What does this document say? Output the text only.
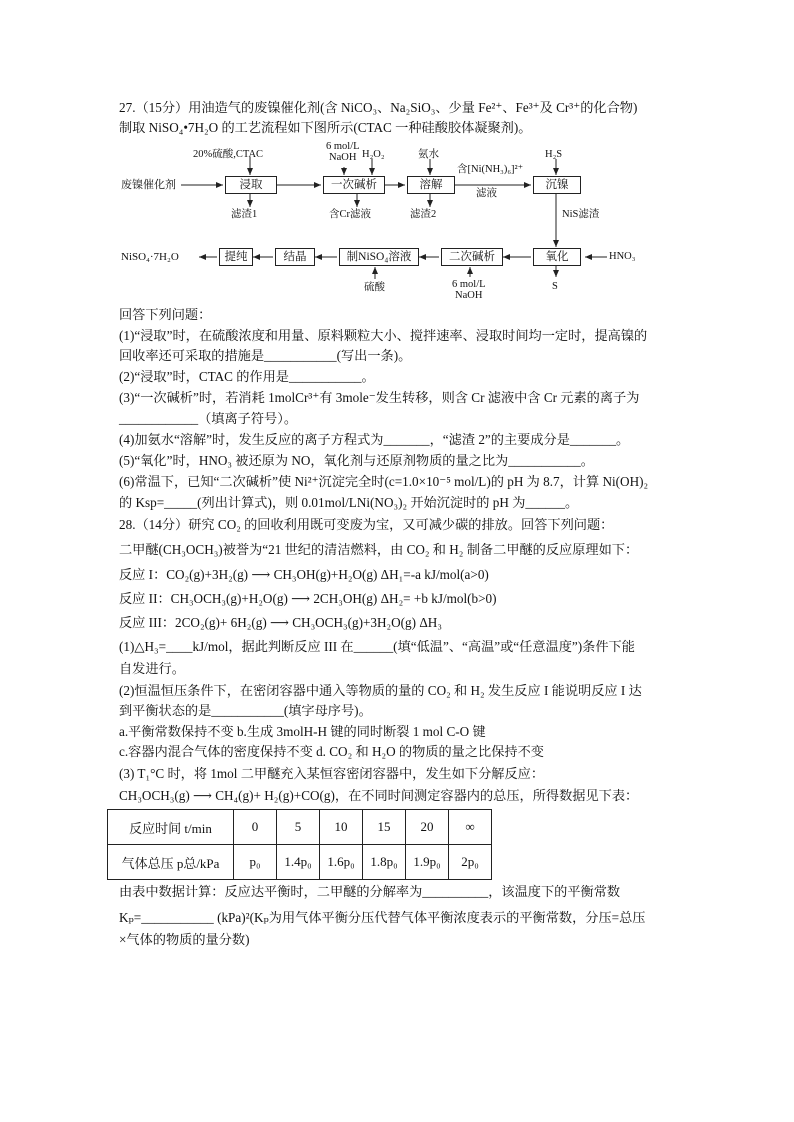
27.（15分）用油造气的废镍催化剂(含 NiCO₃、Na₂SiO₃、少量 Fe²⁺、Fe³⁺及 Cr³⁺的化合物)
制取 NiSO₄•7H₂O 的工艺流程如下图所示(CTAC 一种硅酸胶体凝聚剂)。
20%硫酸,CTAC
6 mol/L
NaOH H₂O₂	氨水	H₂S
含[Ni(NH₃)₆]²⁺
滤液
废镍催化剂	浸取	一次碱析	溶解	沉镍
滤渣1	含Cr滤液	滤渣2	NiS滤渣
NiSO₄·7H₂O	提纯	结晶	制NiSO₄溶液	二次碱析	氧化	HNO₃
硫酸	6 mol/L
NaOH
S
回答下列问题：
(1)“浸取”时，在硫酸浓度和用量、原料颗粒大小、搅拌速率、浸取时间均一定时，提高镍的
回收率还可采取的措施是___________(写出一条)。
(2)“浸取”时，CTAC 的作用是___________。
(3)“一次碱析”时，若消耗 1molCr³⁺有 3mole⁻发生转移，则含 Cr 滤液中含 Cr 元素的离子为
____________（填离子符号）。
(4)加氨水“溶解”时，发生反应的离子方程式为_______，“滤渣 2”的主要成分是_______。
(5)“氧化”时，HNO₃ 被还原为 NO，氧化剂与还原剂物质的量之比为___________。
(6)常温下，已知“二次碱析”使 Ni²⁺沉淀完全时(c=1.0×10⁻⁵ mol/L)的 pH 为 8.7，计算 Ni(OH)₂
的 Ksp=_____(列出计算式)，则 0.01mol/LNi(NO₃)₂ 开始沉淀时的 pH 为______。
28.（14分）研究 CO₂ 的回收利用既可变废为宝，又可减少碳的排放。回答下列问题：
二甲醚(CH₃OCH₃)被誉为“21 世纪的清洁燃料，由 CO₂ 和 H₂ 制备二甲醚的反应原理如下：
反应 I：CO₂(g)+3H₂(g) ⟶ CH₃OH(g)+H₂O(g) ΔH₁=-a kJ/mol(a>0)
反应 II：CH₃OCH₃(g)+H₂O(g) ⟶ 2CH₃OH(g) ΔH₂= +b kJ/mol(b>0)
反应 III：2CO₂(g)+ 6H₂(g) ⟶ CH₃OCH₃(g)+3H₂O(g) ΔH₃
(1)△H₃=____kJ/mol，据此判断反应 III 在______(填“低温”、“高温”或“任意温度”)条件下能
自发进行。
(2)恒温恒压条件下，在密闭容器中通入等物质的量的 CO₂ 和 H₂ 发生反应 I 能说明反应 I 达
到平衡状态的是___________(填字母序号)。
a.平衡常数保持不变 b.生成 3molH-H 键的同时断裂 1 mol C-O 键
c.容器内混合气体的密度保持不变 d. CO₂ 和 H₂O 的物质的量之比保持不变
(3) T₁°C 时，将 1mol 二甲醚充入某恒容密闭容器中，发生如下分解反应：
CH₃OCH₃(g) ⟶ CH₄(g)+ H₂(g)+CO(g)，在不同时间测定容器内的总压，所得数据见下表：
反应时间 t/min	0	5	10	15	20	∞
气体总压 p总/kPa	p₀	1.4p₀	1.6p₀	1.8p₀	1.9p₀	2p₀
由表中数据计算：反应达平衡时，二甲醚的分解率为__________，该温度下的平衡常数
Kₚ=___________ (kPa)²(Kₚ为用气体平衡分压代替气体平衡浓度表示的平衡常数，分压=总压
×气体的物质的量分数)
